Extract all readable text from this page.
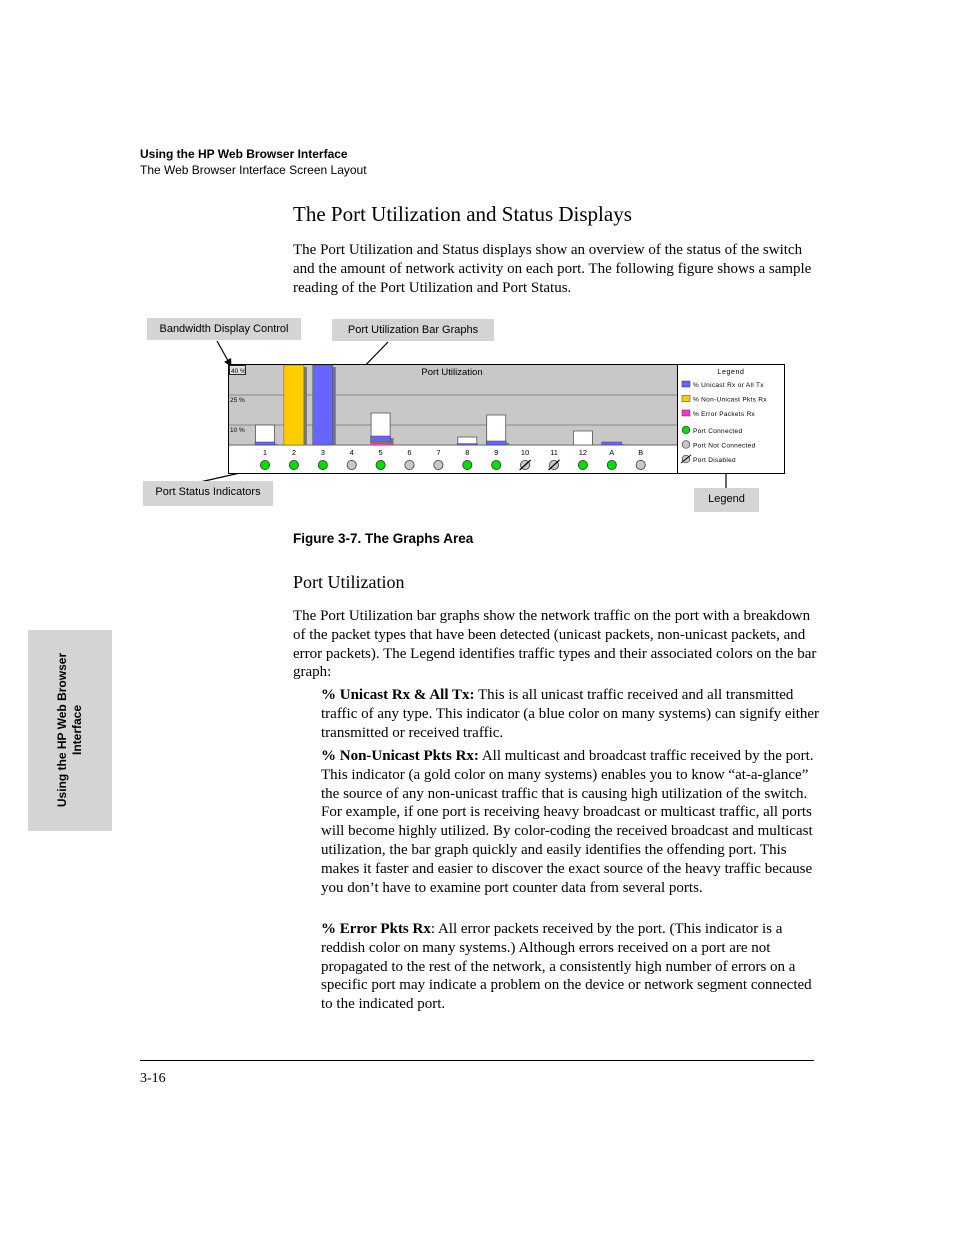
Using the HP Web Browser Interface
The Web Browser Interface Screen Layout
The Port Utilization and Status Displays
The Port Utilization and Status displays show an overview of the status of the switch and the amount of network activity on each port. The following figure shows a sample reading of the Port Utilization and Port Status.
Bandwidth Display Control	Port Utilization Bar Graphs
Port Status Indicators
Legend
40 %
25 %
10 %
Port Utilization
1	2	3	4	5	6	7	8	9	10	11	12	A	B
Legend
% Unicast Rx or All Tx
% Non-Unicast Pkts Rx
% Error Packets Rx
Port Connected
Port Not Connected
Port Disabled
Figure 3-7. The Graphs Area
Port Utilization
The Port Utilization bar graphs show the network traffic on the port with a breakdown of the packet types that have been detected (unicast packets, non-unicast packets, and error packets). The Legend identifies traffic types and their associated colors on the bar graph:
% Unicast Rx & All Tx: This is all unicast traffic received and all transmitted traffic of any type. This indicator (a blue color on many systems) can signify either transmitted or received traffic.
% Non-Unicast Pkts Rx: All multicast and broadcast traffic received by the port. This indicator (a gold color on many systems) enables you to know “at-a-glance” the source of any non-unicast traffic that is causing high utilization of the switch. For example, if one port is receiving heavy broadcast or multicast traffic, all ports will become highly utilized. By color-coding the received broadcast and multicast utilization, the bar graph quickly and easily identifies the offending port. This makes it faster and easier to discover the exact source of the heavy traffic because you don’t have to examine port counter data from several ports.
% Error Pkts Rx: All error packets received by the port. (This indicator is a reddish color on many systems.) Although errors received on a port are not propagated to the rest of the network, a consistently high number of errors on a specific port may indicate a problem on the device or network segment connected to the indicated port.
Using the HP Web Browser Interface
3-16
